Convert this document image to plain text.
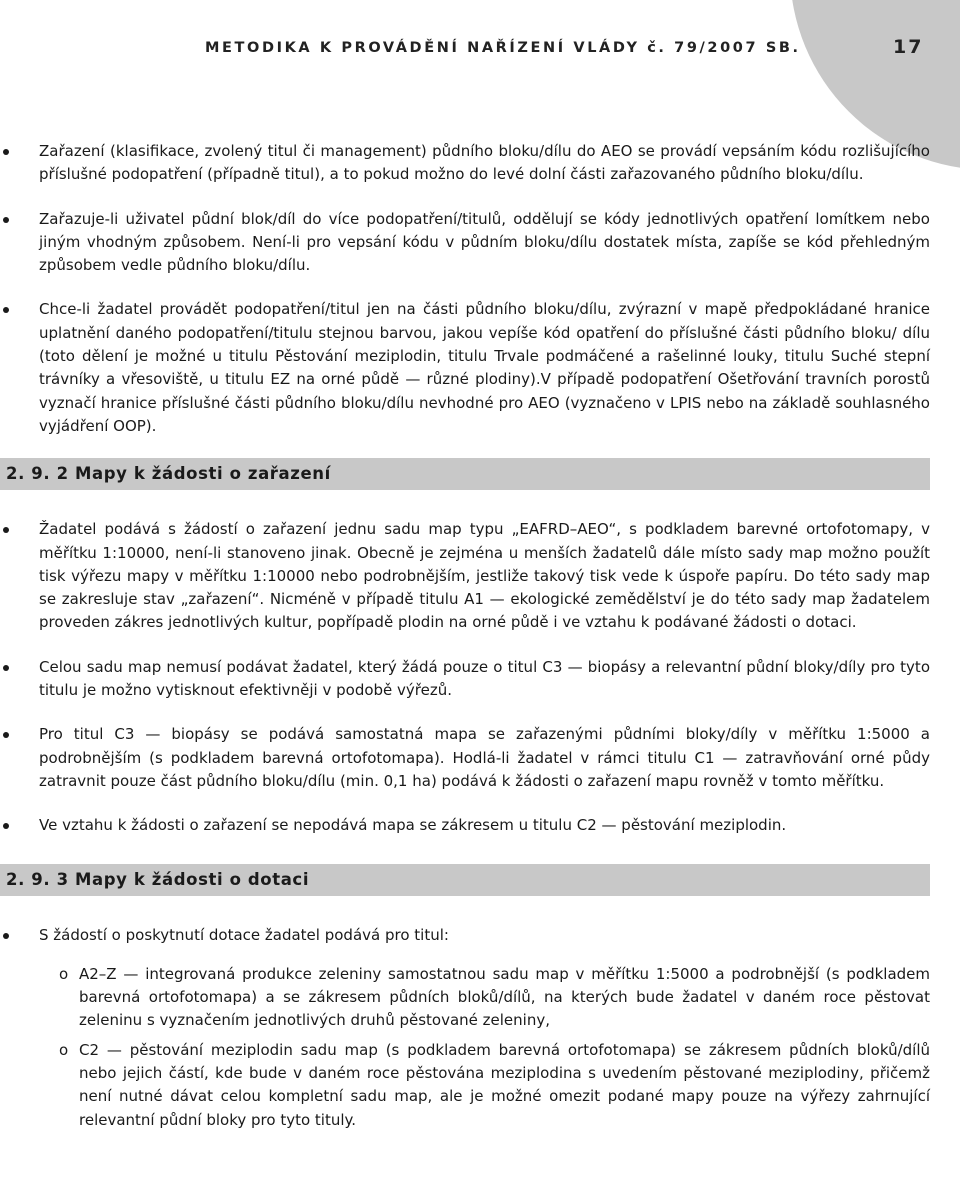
METODIKA K PROVÁDĚNÍ NAŘÍZENÍ VLÁDY č. 79/2007 SB.	17
Zařazení (klasifikace, zvolený titul či management) půdního bloku/dílu do AEO se provádí vepsáním kódu rozlišujícího příslušné podopatření (případně titul), a to pokud možno do levé dolní části zařazovaného půdního bloku/dílu.
Zařazuje-li uživatel půdní blok/díl do více podopatření/titulů, oddělují se kódy jednotlivých opatření lomítkem nebo jiným vhodným způsobem. Není-li pro vepsání kódu v půdním bloku/dílu dostatek místa, zapíše se kód přehledným způsobem vedle půdního bloku/dílu.
Chce-li žadatel provádět podopatření/titul jen na části půdního bloku/dílu, zvýrazní v mapě předpokládané hranice uplatnění daného podopatření/titulu stejnou barvou, jakou vepíše kód opatření do příslušné části půdního bloku/ dílu (toto dělení je možné u titulu Pěstování meziplodin, titulu Trvale podmáčené a rašelinné louky, titulu Suché stepní trávníky a vřesoviště, u titulu EZ na orné půdě — různé plodiny).V případě podopatření Ošetřování travních porostů vyznačí hranice příslušné části půdního bloku/dílu nevhodné pro AEO (vyznačeno v LPIS nebo na základě souhlasného vyjádření OOP).
2. 9. 2 Mapy k žádosti o zařazení
Žadatel podává s žádostí o zařazení jednu sadu map typu „EAFRD–AEO“, s podkladem barevné ortofotomapy, v měřítku 1:10000, není-li stanoveno jinak. Obecně je zejména u menších žadatelů dále místo sady map možno použít tisk výřezu mapy v měřítku 1:10000 nebo podrobnějším, jestliže takový tisk vede k úspoře papíru. Do této sady map se zakresluje stav „zařazení“. Nicméně v případě titulu A1 — ekologické zemědělství je do této sady map žadatelem proveden zákres jednotlivých kultur, popřípadě plodin na orné půdě i ve vztahu k podávané žádosti o dotaci.
Celou sadu map nemusí podávat žadatel, který žádá pouze o titul C3 — biopásy a relevantní půdní bloky/díly pro tyto titulu je možno vytisknout efektivněji v podobě výřezů.
Pro titul C3 — biopásy se podává samostatná mapa se zařazenými půdními bloky/díly v měřítku 1:5000 a podrobnějším (s podkladem barevná ortofotomapa). Hodlá-li žadatel v rámci titulu C1 — zatravňování orné půdy zatravnit pouze část půdního bloku/dílu (min. 0,1 ha) podává k žádosti o zařazení mapu rovněž v tomto měřítku.
Ve vztahu k žádosti o zařazení se nepodává mapa se zákresem u titulu C2 — pěstování meziplodin.
2. 9. 3 Mapy k žádosti o dotaci
S žádostí o poskytnutí dotace žadatel podává pro titul:
o A2–Z — integrovaná produkce zeleniny samostatnou sadu map v měřítku 1:5000 a podrobnější (s podkladem barevná ortofotomapa) a se zákresem půdních bloků/dílů, na kterých bude žadatel v daném roce pěstovat zeleninu s vyznačením jednotlivých druhů pěstované zeleniny,
o C2 — pěstování meziplodin sadu map (s podkladem barevná ortofotomapa) se zákresem půdních bloků/dílů nebo jejich částí, kde bude v daném roce pěstována meziplodina s uvedením pěstované meziplodiny, přičemž není nutné dávat celou kompletní sadu map, ale je možné omezit podané mapy pouze na výřezy zahrnující relevantní půdní bloky pro tyto tituly.
